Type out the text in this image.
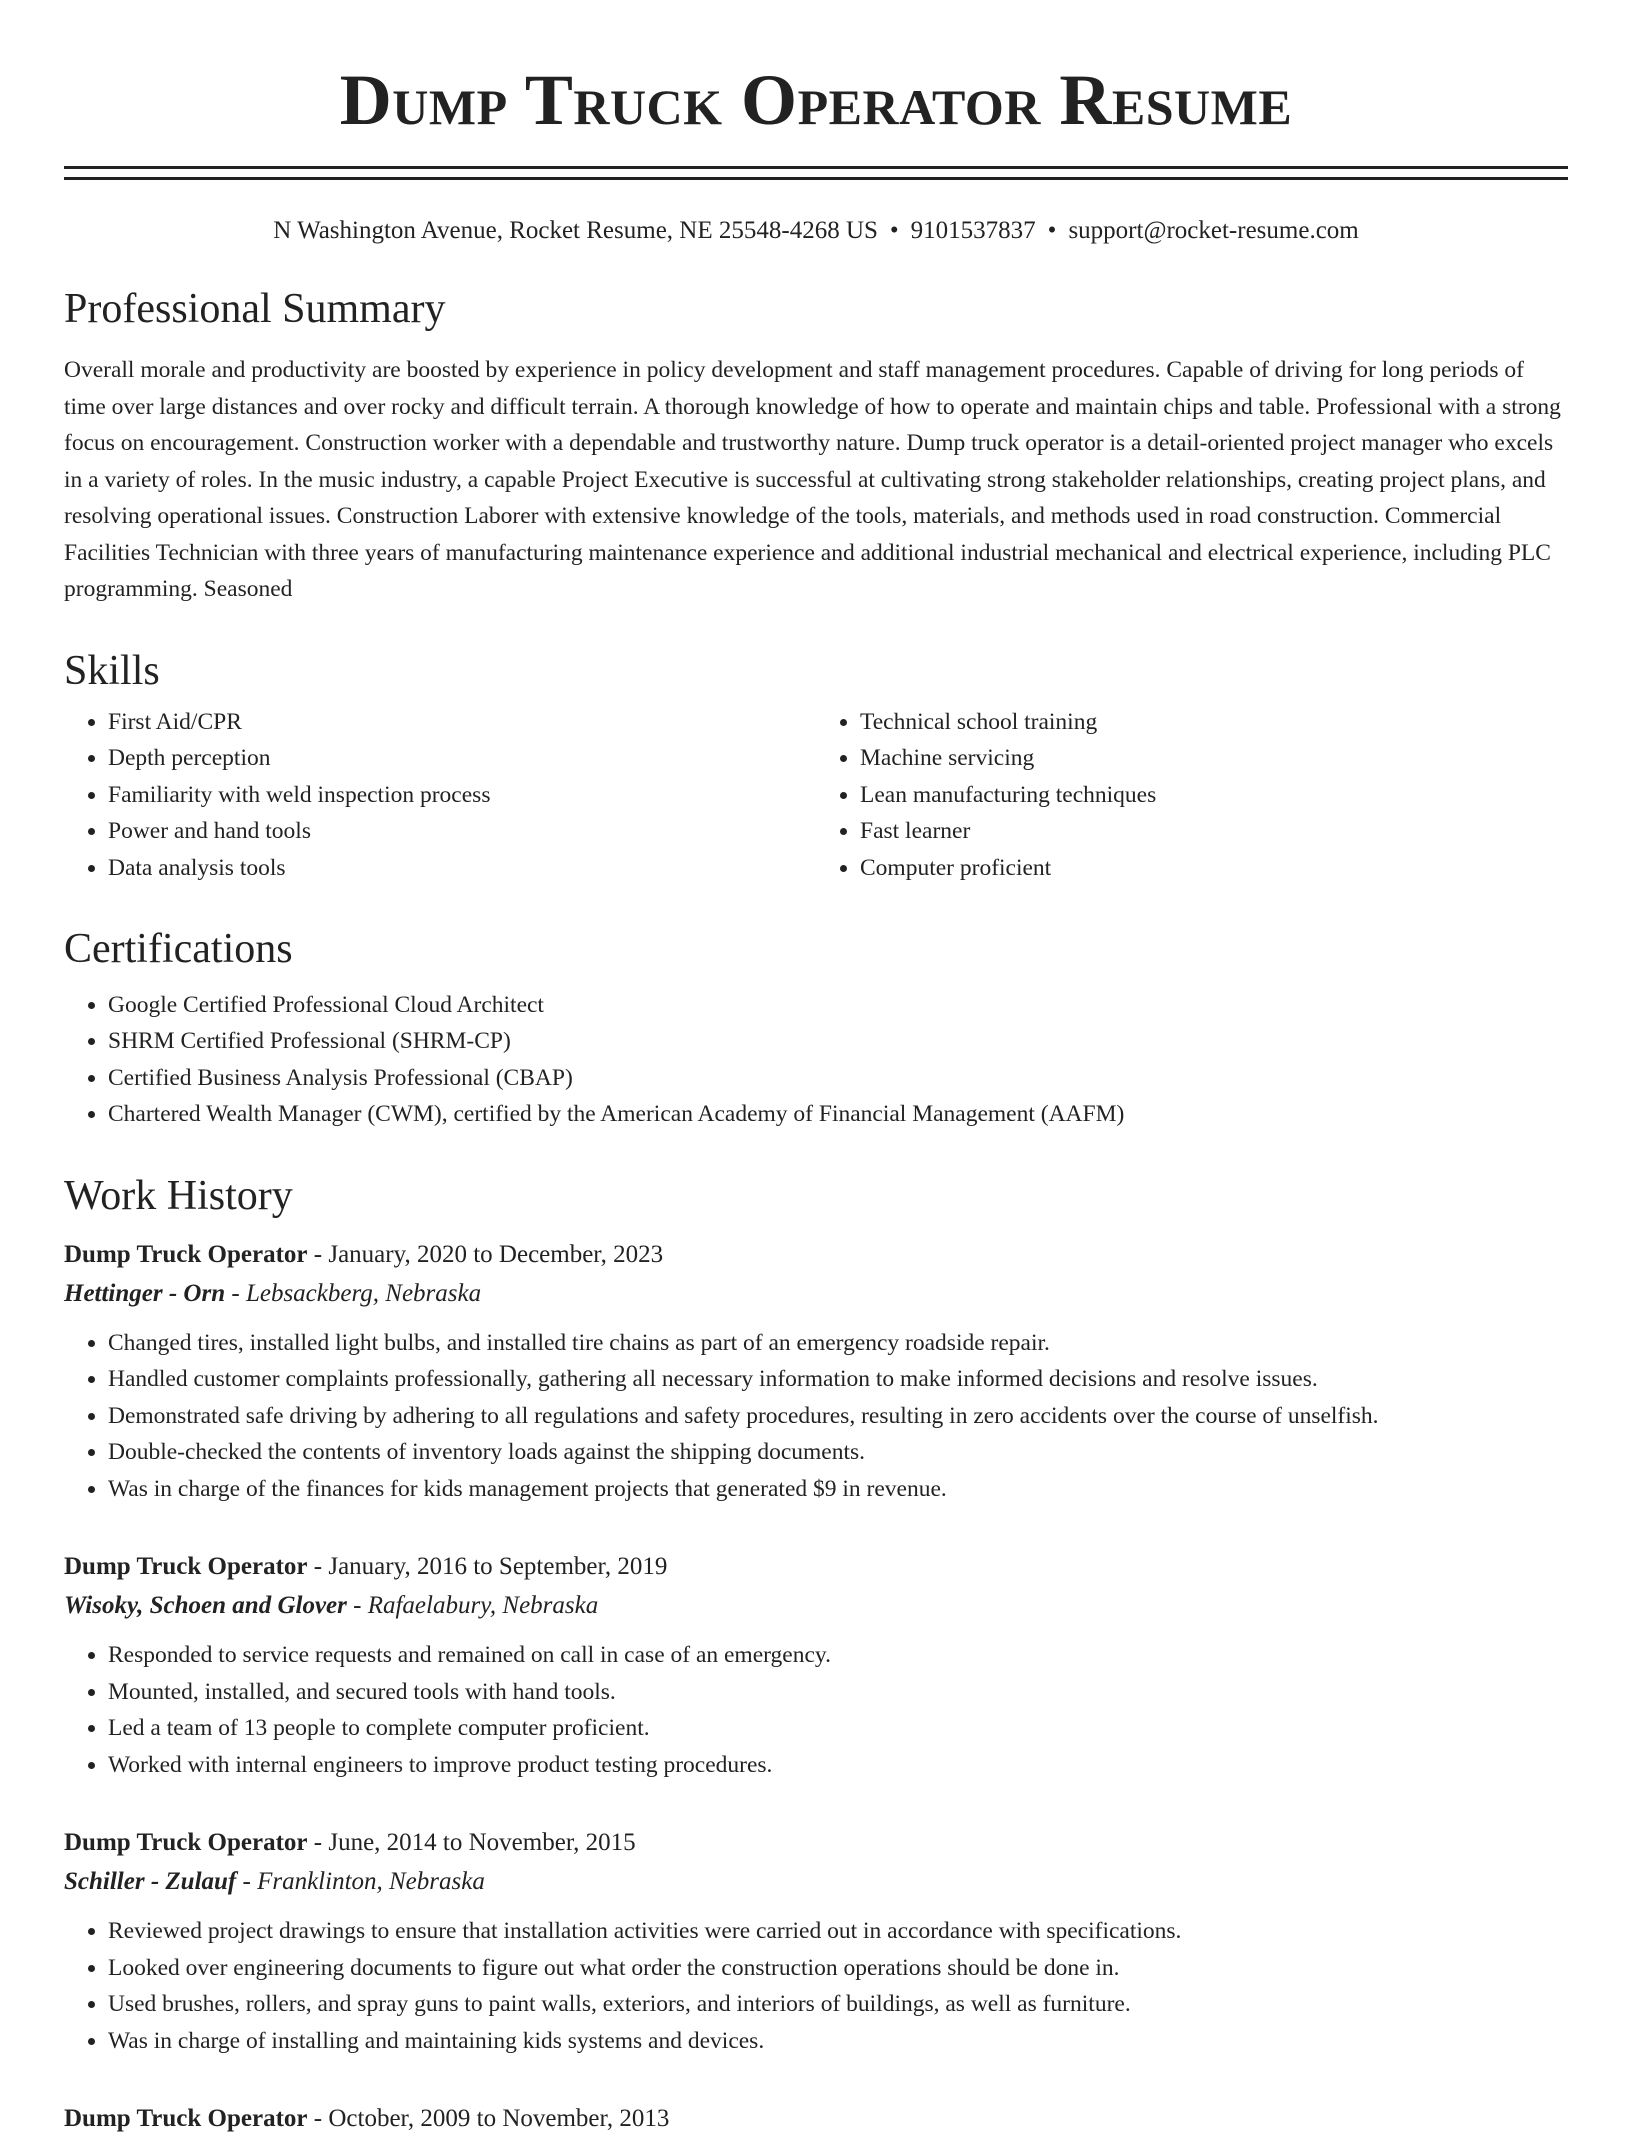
Dump Truck Operator Resume
N Washington Avenue, Rocket Resume, NE 25548-4268 US • 9101537837 • support@rocket-resume.com
Professional Summary

Overall morale and productivity are boosted by experience in policy development and staff management procedures. Capable of driving for long periods of time over large distances and over rocky and difficult terrain. A thorough knowledge of how to operate and maintain chips and table. Professional with a strong focus on encouragement. Construction worker with a dependable and trustworthy nature. Dump truck operator is a detail-oriented project manager who excels in a variety of roles. In the music industry, a capable Project Executive is successful at cultivating strong stakeholder relationships, creating project plans, and resolving operational issues. Construction Laborer with extensive knowledge of the tools, materials, and methods used in road construction. Commercial Facilities Technician with three years of manufacturing maintenance experience and additional industrial mechanical and electrical experience, including PLC programming. Seasoned

Skills
• First Aid/CPR
• Depth perception
• Familiarity with weld inspection process
• Power and hand tools
• Data analysis tools
• Technical school training
• Machine servicing
• Lean manufacturing techniques
• Fast learner
• Computer proficient
Certifications
• Google Certified Professional Cloud Architect
• SHRM Certified Professional (SHRM-CP)
• Certified Business Analysis Professional (CBAP)
• Chartered Wealth Manager (CWM), certified by the American Academy of Financial Management (AAFM)
Work History
Dump Truck Operator - January, 2020 to December, 2023
Hettinger - Orn - Lebsackberg, Nebraska
• Changed tires, installed light bulbs, and installed tire chains as part of an emergency roadside repair.
• Handled customer complaints professionally, gathering all necessary information to make informed decisions and resolve issues.
• Demonstrated safe driving by adhering to all regulations and safety procedures, resulting in zero accidents over the course of unselfish.
• Double-checked the contents of inventory loads against the shipping documents.
• Was in charge of the finances for kids management projects that generated $9 in revenue.
Dump Truck Operator - January, 2016 to September, 2019
Wisoky, Schoen and Glover - Rafaelabury, Nebraska
• Responded to service requests and remained on call in case of an emergency.
• Mounted, installed, and secured tools with hand tools.
• Led a team of 13 people to complete computer proficient.
• Worked with internal engineers to improve product testing procedures.
Dump Truck Operator - June, 2014 to November, 2015
Schiller - Zulauf - Franklinton, Nebraska
• Reviewed project drawings to ensure that installation activities were carried out in accordance with specifications.
• Looked over engineering documents to figure out what order the construction operations should be done in.
• Used brushes, rollers, and spray guns to paint walls, exteriors, and interiors of buildings, as well as furniture.
• Was in charge of installing and maintaining kids systems and devices.
Dump Truck Operator - October, 2009 to November, 2013
